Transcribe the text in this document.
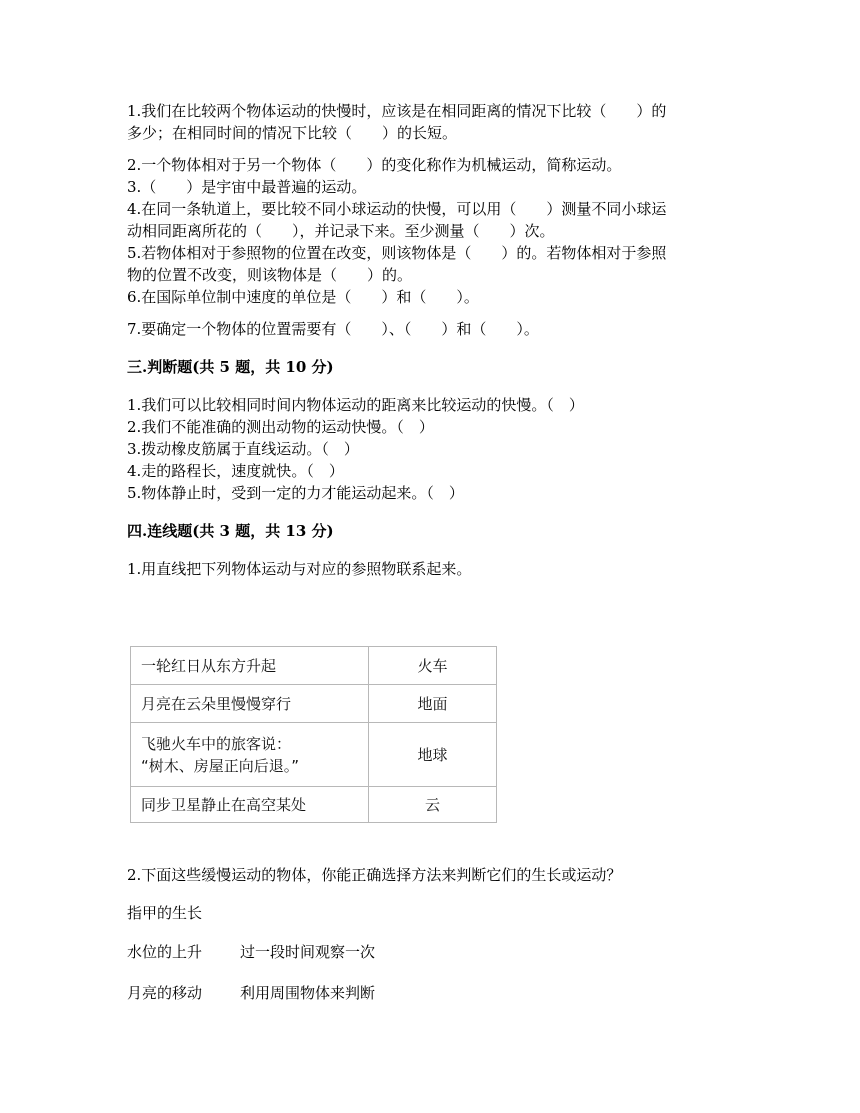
1.我们在比较两个物体运动的快慢时，应该是在相同距离的情况下比较（　　）的
多少；在相同时间的情况下比较（　　）的长短。
2.一个物体相对于另一个物体（　　）的变化称作为机械运动，简称运动。
3.（　　）是宇宙中最普遍的运动。
4.在同一条轨道上，要比较不同小球运动的快慢，可以用（　　）测量不同小球运
动相同距离所花的（　　），并记录下来。至少测量（　　）次。
5.若物体相对于参照物的位置在改变，则该物体是（　　）的。若物体相对于参照
物的位置不改变，则该物体是（　　）的。
6.在国际单位制中速度的单位是（　　）和（　　）。
7.要确定一个物体的位置需要有（　　）、（　　）和（　　）。
三.判断题(共 5 题，共 10 分)
1.我们可以比较相同时间内物体运动的距离来比较运动的快慢。（　）
2.我们不能准确的测出动物的运动快慢。（　）
3.拨动橡皮筋属于直线运动。（　）
4.走的路程长，速度就快。（　）
5.物体静止时，受到一定的力才能运动起来。（　）
四.连线题(共 3 题，共 13 分)
1.用直线把下列物体运动与对应的参照物联系起来。
一轮红日从东方升起	火车
月亮在云朵里慢慢穿行	地面

飞驰火车中的旅客说：
“树木、房屋正向后退。”	地球
同步卫星静止在高空某处	云
2.下面这些缓慢运动的物体，你能正确选择方法来判断它们的生长或运动？
指甲的生长
水位的上升	过一段时间观察一次
月亮的移动	利用周围物体来判断
